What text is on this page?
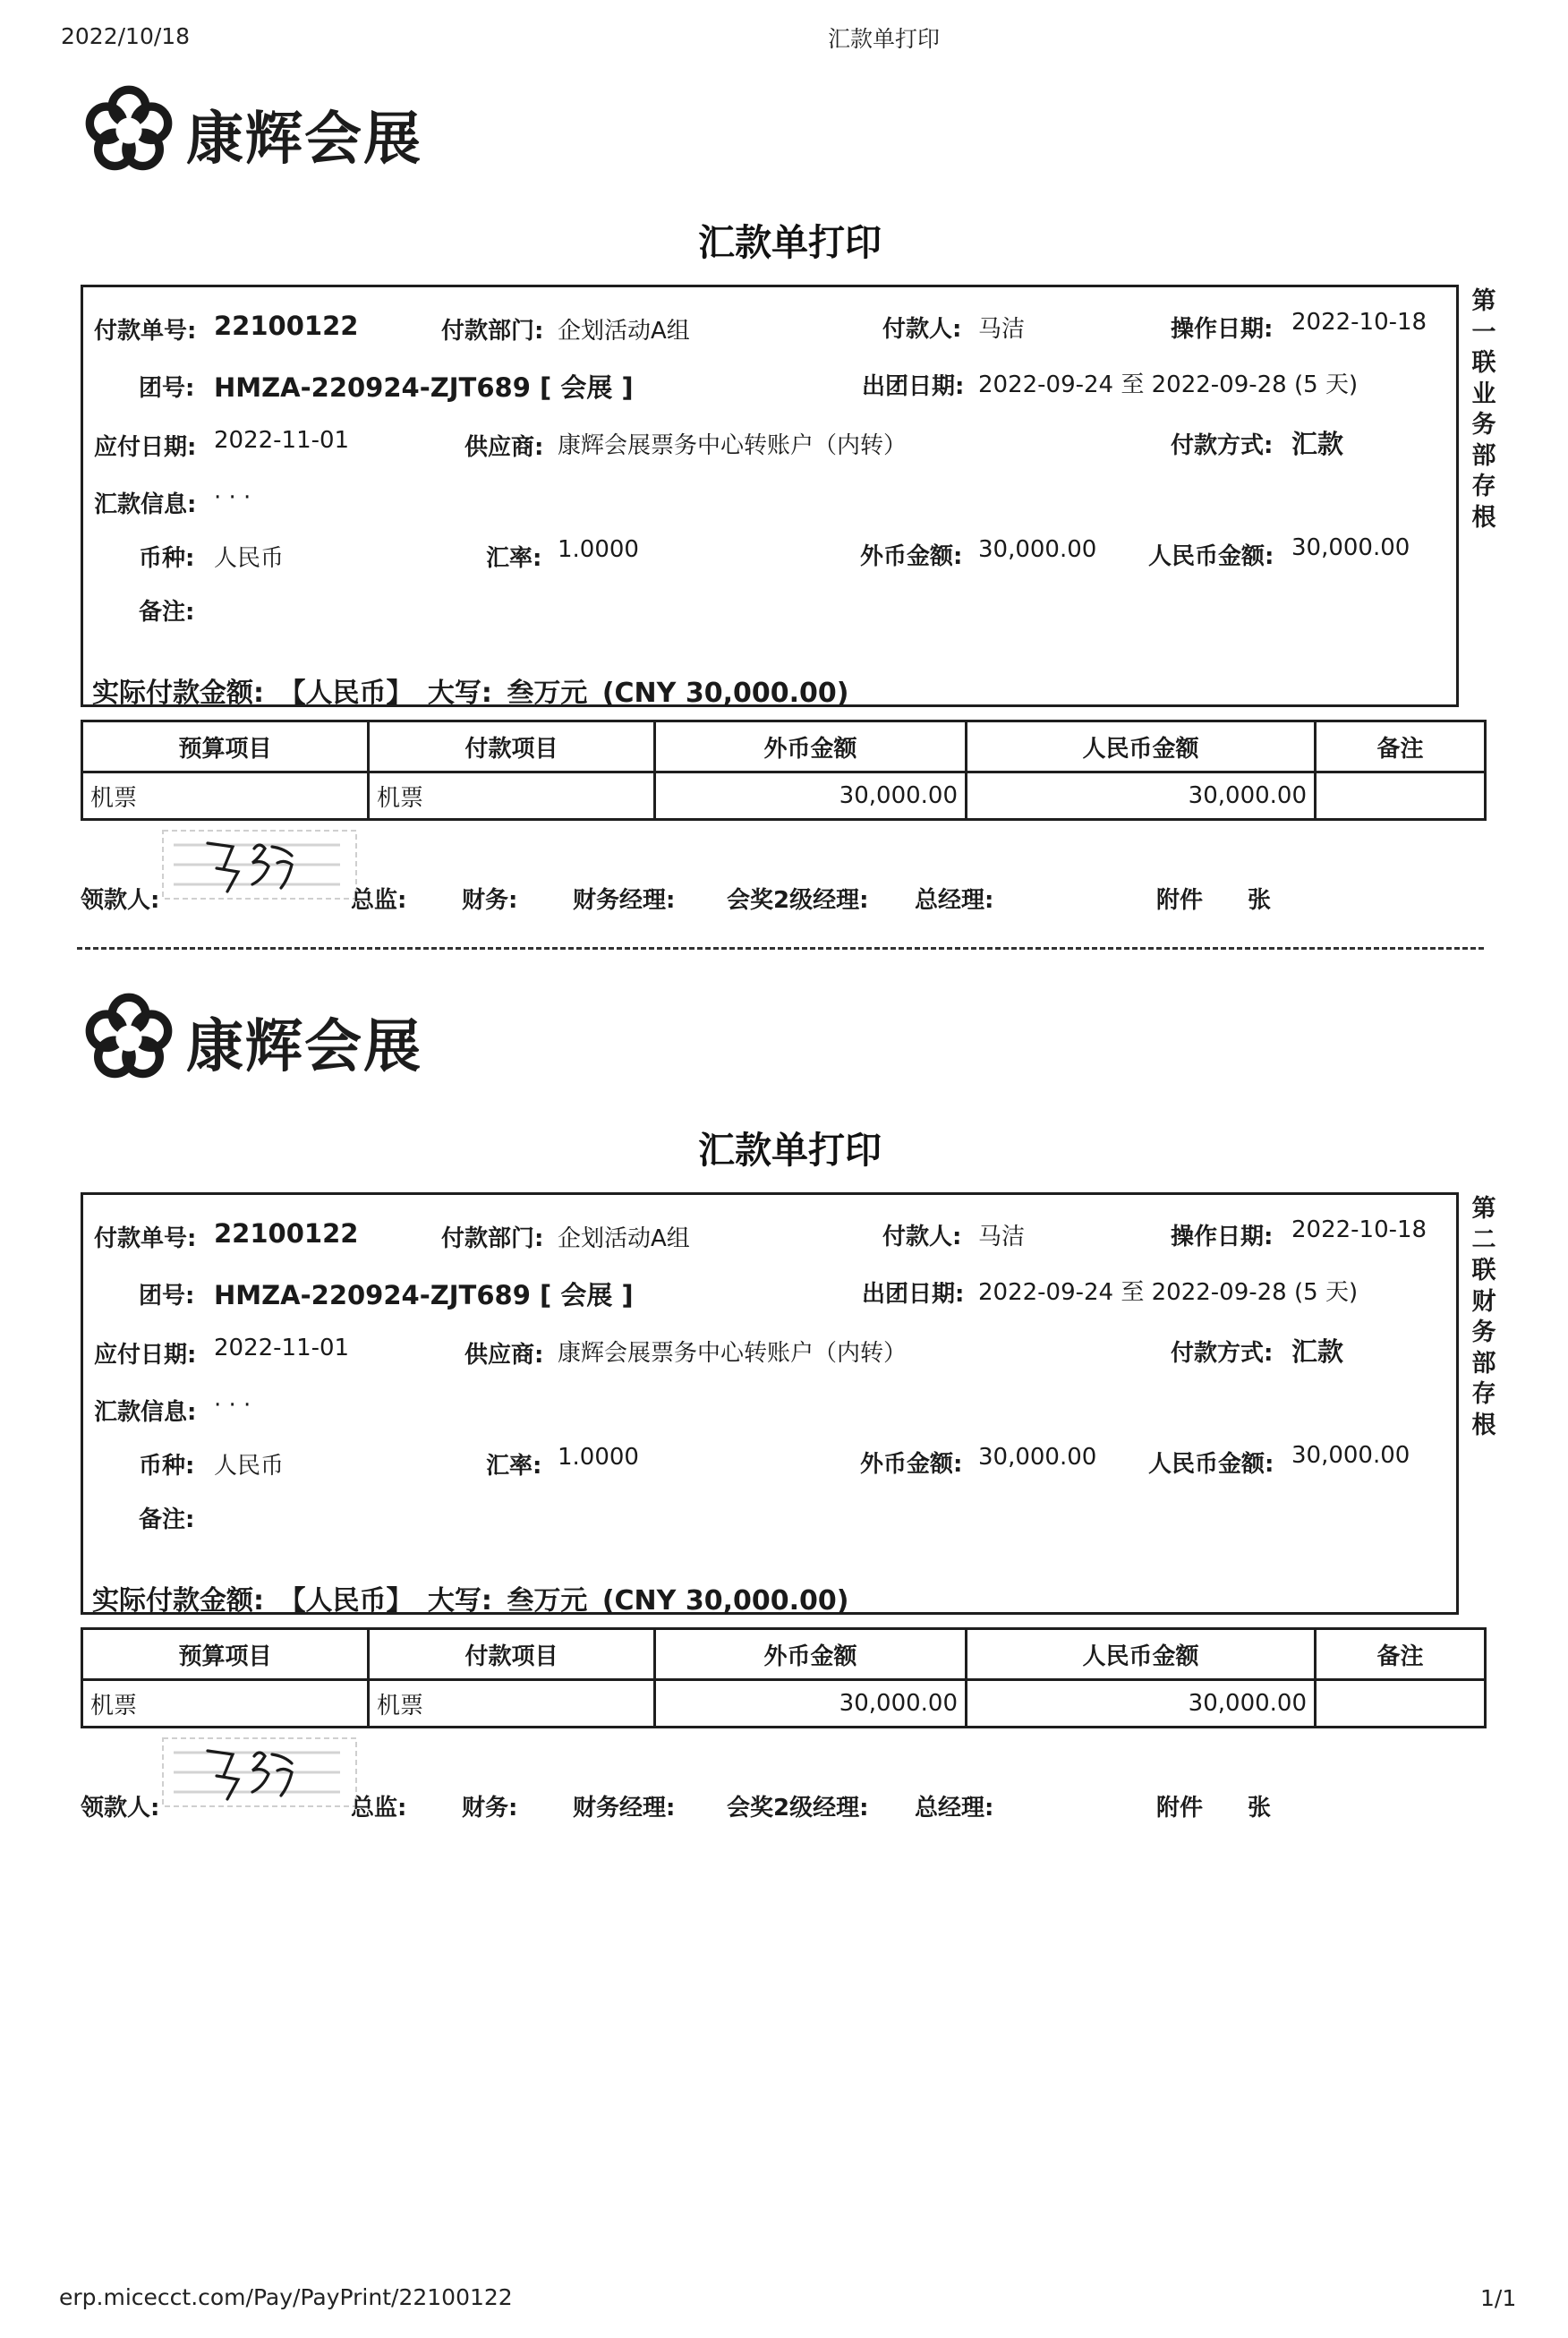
2022/10/18	汇款单打印
康辉会展
汇款单打印
付款单号: 22100122	付款部门: 企划活动A组	付款人: 马洁	操作日期: 2022-10-18
团号: HMZA-220924-ZJT689 [ 会展 ]	出团日期: 2022-09-24 至 2022-09-28 (5 天)
应付日期: 2022-11-01	供应商: 康辉会展票务中心转账户（内转）	付款方式: 汇款
汇款信息: · · ·
币种: 人民币	汇率: 1.0000	外币金额: 30,000.00 人民币金额: 30,000.00
备注:
实际付款金额: 【人民币】 大写: 叁万元 (CNY 30,000.00)
第
一
联
业
务
部
存
根
预算项目	付款项目	外币金额	人民币金额	备注
机票	机票	30,000.00	30,000.00	
领款人:	总监: 财务: 财务经理: 会奖2级经理: 总经理:	附件 张
康辉会展
汇款单打印
付款单号: 22100122	付款部门: 企划活动A组	付款人: 马洁	操作日期: 2022-10-18
团号: HMZA-220924-ZJT689 [ 会展 ]	出团日期: 2022-09-24 至 2022-09-28 (5 天)
应付日期: 2022-11-01	供应商: 康辉会展票务中心转账户（内转）	付款方式: 汇款
汇款信息: · · ·
币种: 人民币	汇率: 1.0000	外币金额: 30,000.00 人民币金额: 30,000.00
备注:
实际付款金额: 【人民币】 大写: 叁万元 (CNY 30,000.00)
第
二
联
财
务
部
存
根
预算项目	付款项目	外币金额	人民币金额	备注
机票	机票	30,000.00	30,000.00	
领款人:	总监: 财务: 财务经理: 会奖2级经理: 总经理:	附件 张
erp.micecct.com/Pay/PayPrint/22100122	1/1
